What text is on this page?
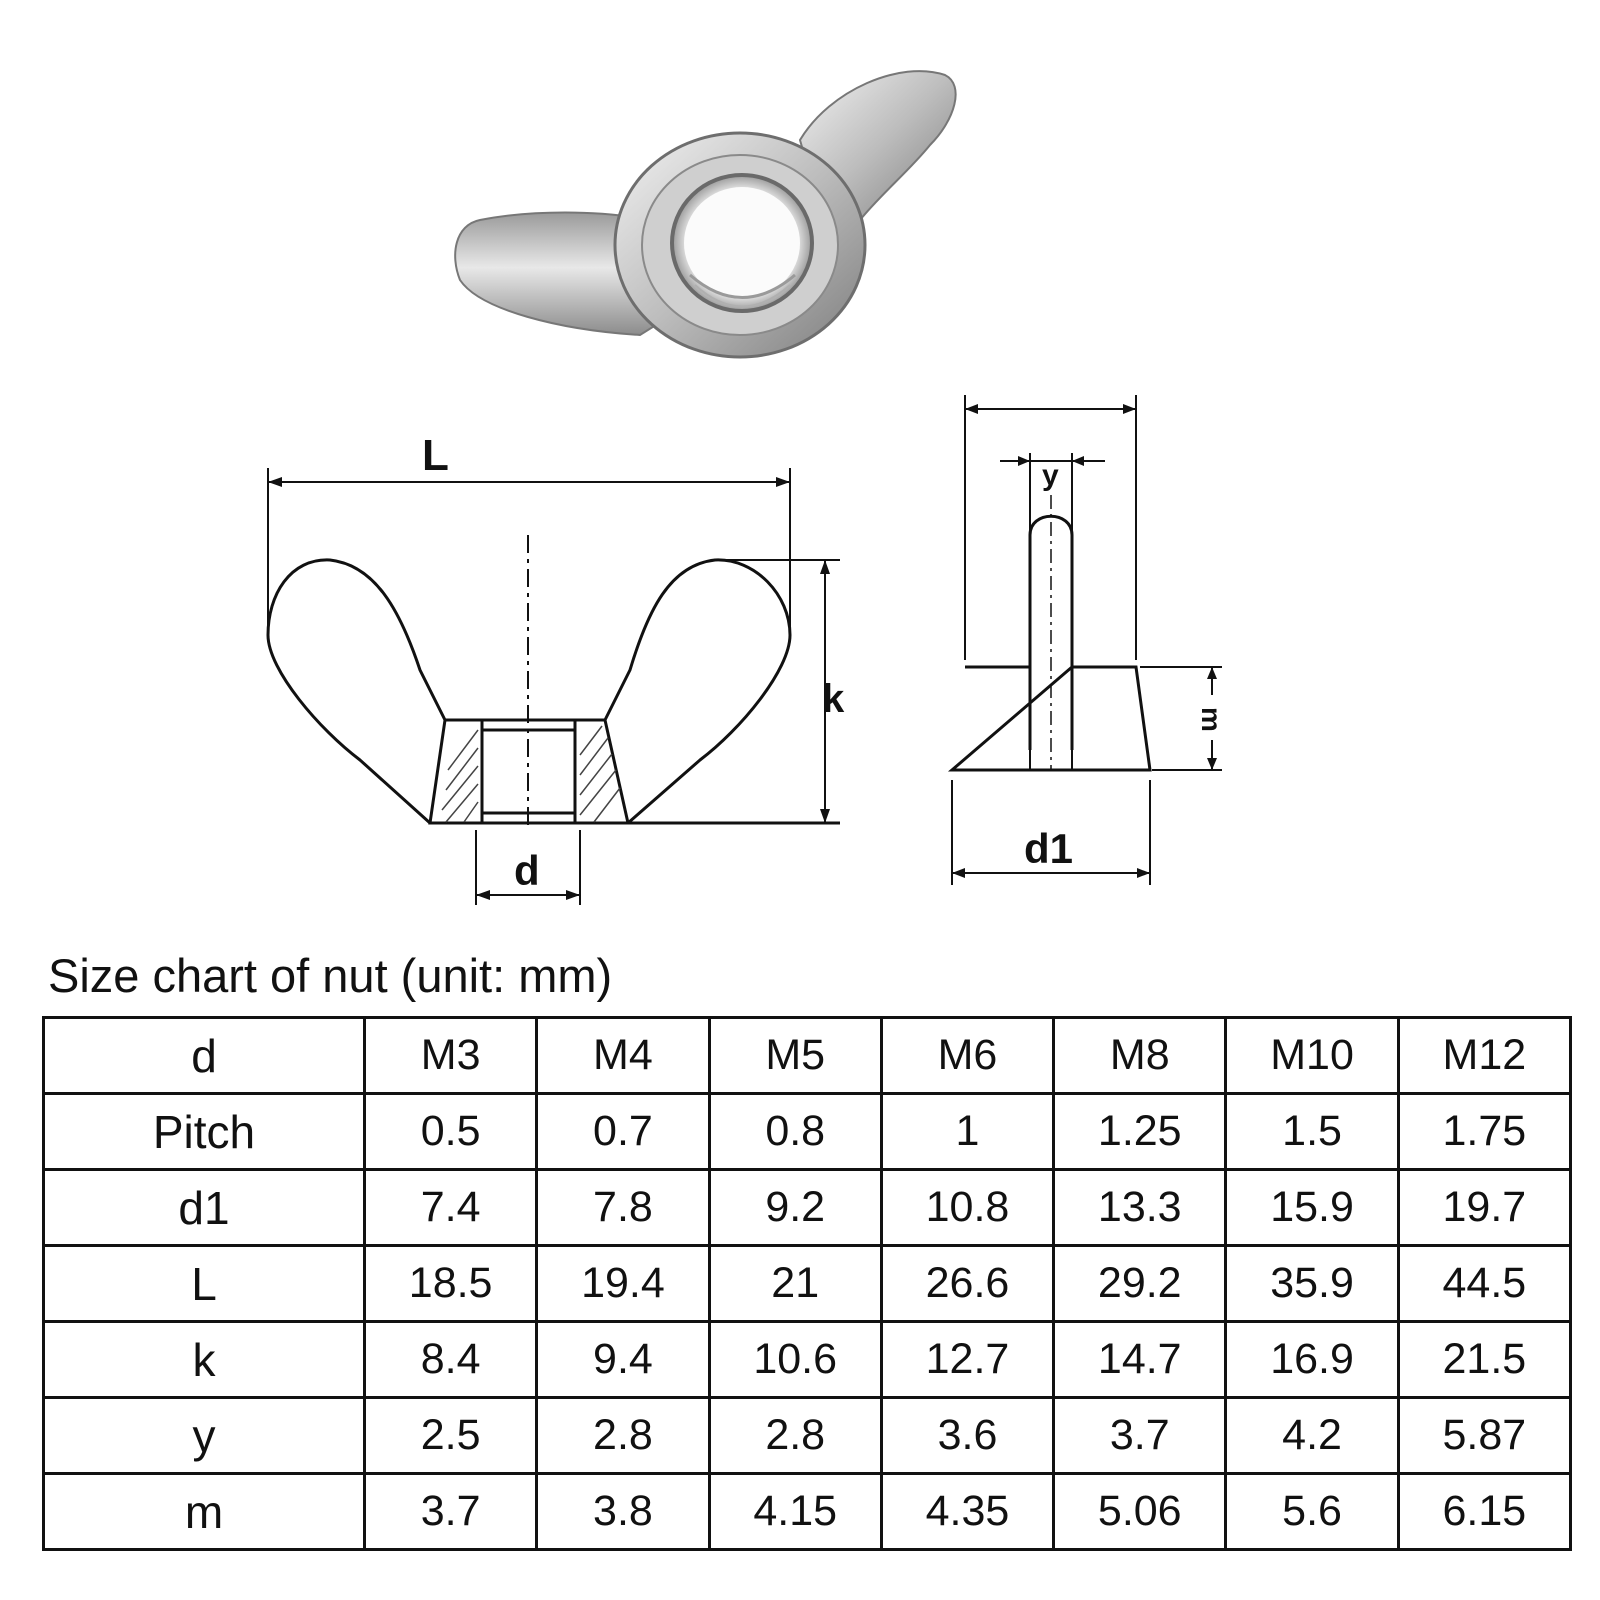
L
k
d
y
m
d1
Size chart of nut (unit: mm)
d	M3	M4	M5	M6	M8	M10	M12
Pitch	0.5	0.7	0.8	1	1.25	1.5	1.75
d1	7.4	7.8	9.2	10.8	13.3	15.9	19.7
L	18.5	19.4	21	26.6	29.2	35.9	44.5
k	8.4	9.4	10.6	12.7	14.7	16.9	21.5
y	2.5	2.8	2.8	3.6	3.7	4.2	5.87
m	3.7	3.8	4.15	4.35	5.06	5.6	6.15
